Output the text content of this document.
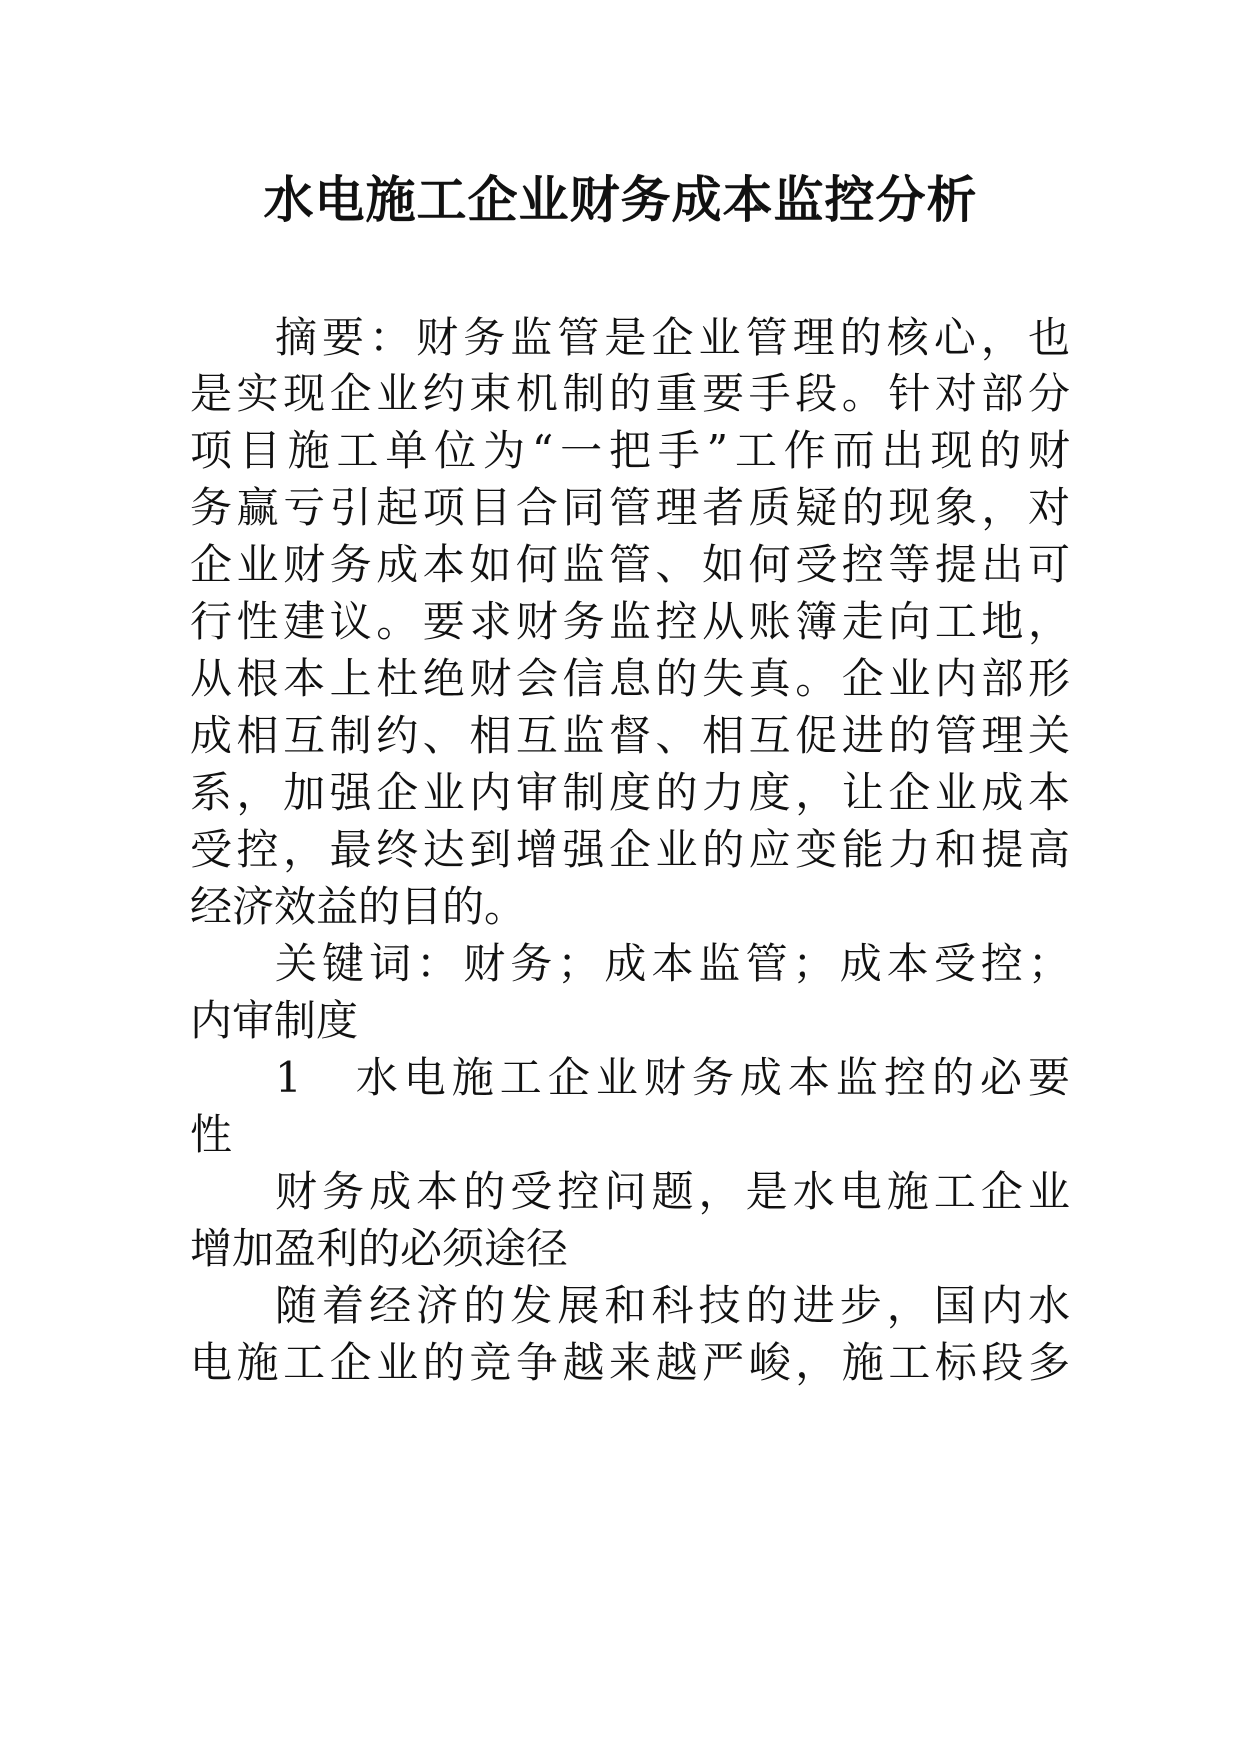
水电施工企业财务成本监控分析
摘要：财务监管是企业管理的核心，也
是实现企业约束机制的重要手段。针对部分
项目施工单位为“一把手”工作而出现的财
务赢亏引起项目合同管理者质疑的现象，对
企业财务成本如何监管、如何受控等提出可
行性建议。要求财务监控从账簿走向工地，
从根本上杜绝财会信息的失真。企业内部形
成相互制约、相互监督、相互促进的管理关
系，加强企业内审制度的力度，让企业成本
受控，最终达到增强企业的应变能力和提高
经济效益的目的。
关键词：财务；成本监管；成本受控；
内审制度
1　水电施工企业财务成本监控的必要
性
财务成本的受控问题，是水电施工企业
增加盈利的必须途径
随着经济的发展和科技的进步，国内水
电施工企业的竞争越来越严峻，施工标段多
